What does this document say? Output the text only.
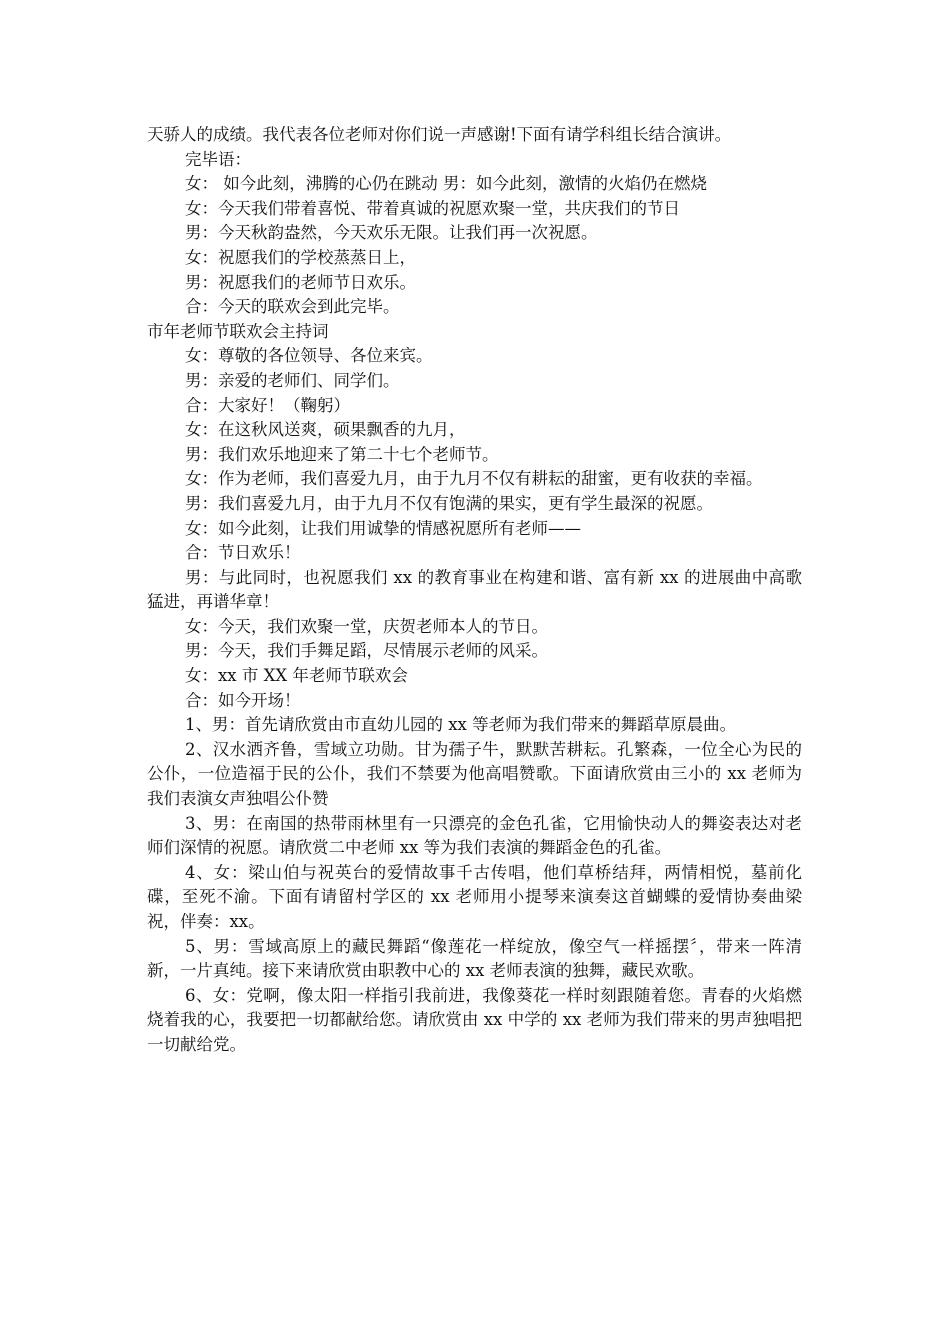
天骄人的成绩。我代表各位老师对你们说一声感谢!下面有请学科组长结合演讲。

完毕语：

女： 如今此刻，沸腾的心仍在跳动 男：如今此刻，激情的火焰仍在燃烧

女：今天我们带着喜悦、带着真诚的祝愿欢聚一堂，共庆我们的节日

男：今天秋韵盎然，今天欢乐无限。让我们再一次祝愿。

女：祝愿我们的学校蒸蒸日上，

男：祝愿我们的老师节日欢乐。

合：今天的联欢会到此完毕。

市年老师节联欢会主持词

女：尊敬的各位领导、各位来宾。

男：亲爱的老师们、同学们。

合：大家好！（鞠躬）

女：在这秋风送爽，硕果飘香的九月，

男：我们欢乐地迎来了第二十七个老师节。

女：作为老师，我们喜爱九月，由于九月不仅有耕耘的甜蜜，更有收获的幸福。

男：我们喜爱九月，由于九月不仅有饱满的果实，更有学生最深的祝愿。

女：如今此刻，让我们用诚挚的情感祝愿所有老师——

合：节日欢乐！

男：与此同时，也祝愿我们 xx 的教育事业在构建和谐、富有新 xx 的进展曲中高歌猛进，再谱华章！

女：今天，我们欢聚一堂，庆贺老师本人的节日。

男：今天，我们手舞足蹈，尽情展示老师的风采。

女：xx 市 XX 年老师节联欢会

合：如今开场！

1、男：首先请欣赏由市直幼儿园的 xx 等老师为我们带来的舞蹈草原晨曲。

2、汉水洒齐鲁，雪域立功勋。甘为孺子牛，默默苦耕耘。孔繁森，一位全心为民的公仆，一位造福于民的公仆，我们不禁要为他高唱赞歌。下面请欣赏由三小的 xx 老师为我们表演女声独唱公仆赞

3、男：在南国的热带雨林里有一只漂亮的金色孔雀，它用愉快动人的舞姿表达对老师们深情的祝愿。请欣赏二中老师 xx 等为我们表演的舞蹈金色的孔雀。

4、女：梁山伯与祝英台的爱情故事千古传唱，他们草桥结拜，两情相悦，墓前化碟，至死不渝。下面有请留村学区的 xx 老师用小提琴来演奏这首蝴蝶的爱情协奏曲梁祝，伴奏：xx。

5、男：雪域高原上的藏民舞蹈“像莲花一样绽放，像空气一样摇摆〞，带来一阵清新，一片真纯。接下来请欣赏由职教中心的 xx 老师表演的独舞，藏民欢歌。

6、女：党啊，像太阳一样指引我前进，我像葵花一样时刻跟随着您。青春的火焰燃烧着我的心，我要把一切都献给您。请欣赏由 xx 中学的 xx 老师为我们带来的男声独唱把一切献给党。
